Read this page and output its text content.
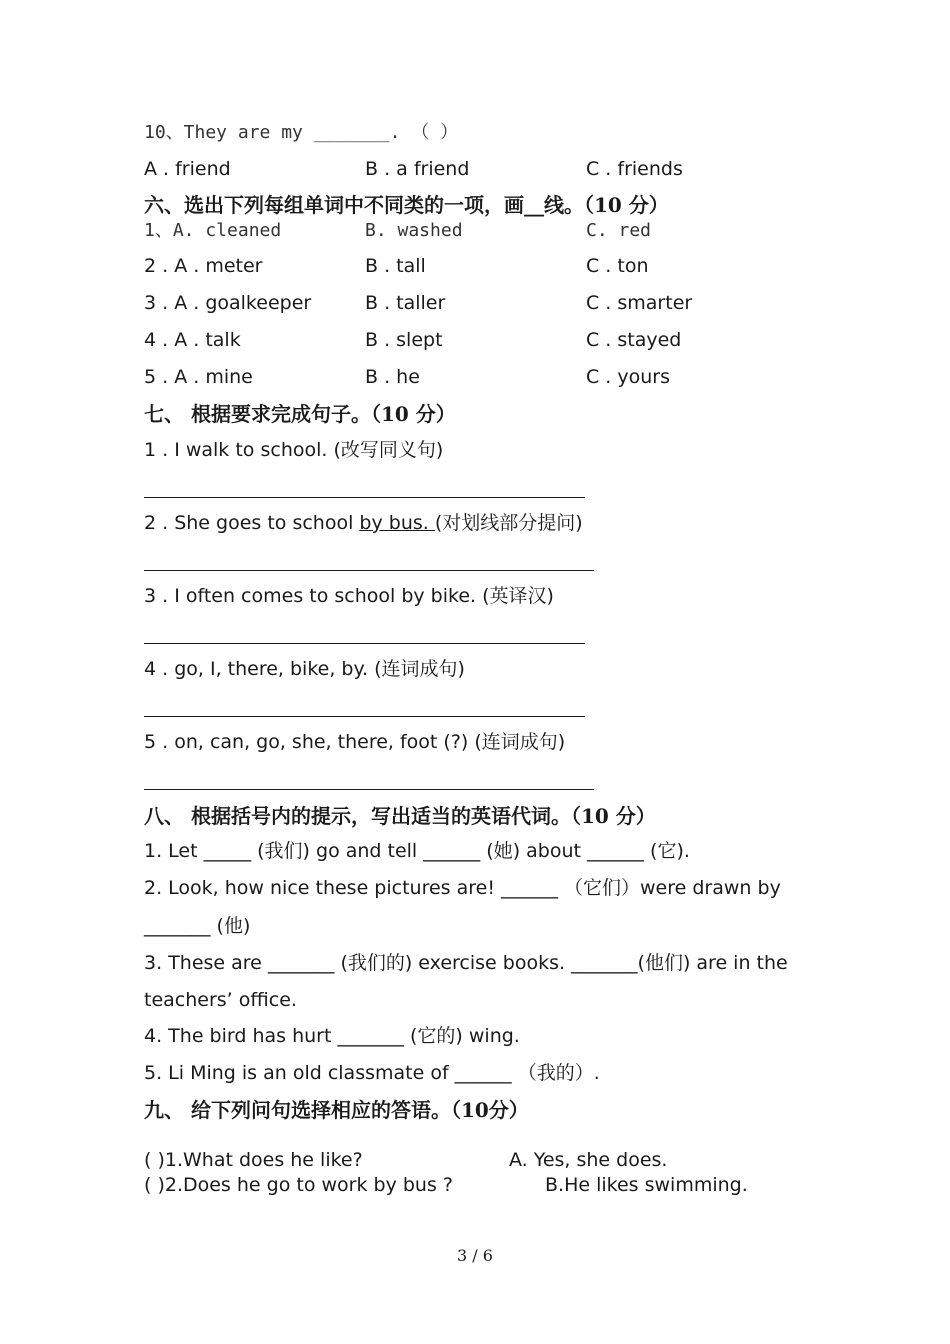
10、They are my _______. （ ）
A . friend	B . a friend	C . friends
六、选出下列每组单词中不同类的一项，画__线。（10 分）
1、A. cleaned	B. washed	C. red
2 . A . meter	B . tall	C . ton
3 . A . goalkeeper	B . taller	C . smarter
4 . A . talk	B . slept	C . stayed
5 . A . mine	B . he	C . yours
七、 根据要求完成句子。（10 分）
1 . I walk to school. (改写同义句)
2 . She goes to school by bus. (对划线部分提问)
3 . I often comes to school by bike. (英译汉)
4 . go, I, there, bike, by. (连词成句)
5 . on, can, go, she, there, foot (?) (连词成句)
八、 根据括号内的提示，写出适当的英语代词。（10 分）
1. Let _____ (我们) go and tell ______ (她) about ______ (它).
2. Look, how nice these pictures are! ______ （它们）were drawn by
_______ (他)
3. These are _______ (我们的) exercise books. _______(他们) are in the
teachers’ office.
4. The bird has hurt _______ (它的) wing.
5. Li Ming is an old classmate of ______ （我的）.
九、 给下列问句选择相应的答语。（10分）
( )1.What does he like?	A. Yes, she does.
( )2.Does he go to work by bus ?	B.He likes swimming.
3 / 6
